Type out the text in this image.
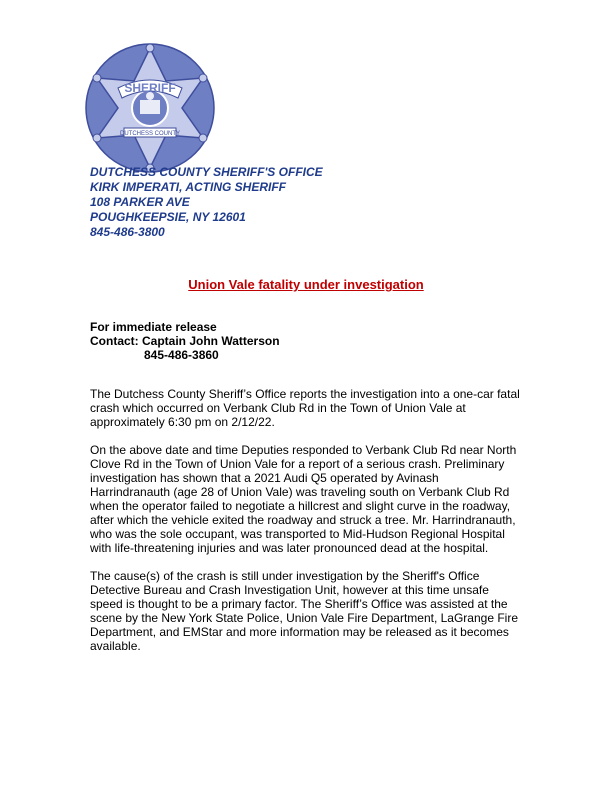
SHERIFF
DUTCHESS COUNTY
DUTCHESS COUNTY SHERIFF'S OFFICE
KIRK IMPERATI, ACTING SHERIFF
108 PARKER AVE
POUGHKEEPSIE, NY 12601
845-486-3800
Union Vale fatality under investigation
For immediate release
Contact: Captain John Watterson
845-486-3860

The Dutchess County Sheriff’s Office reports the investigation into a one-car fatal
crash which occurred on Verbank Club Rd in the Town of Union Vale at
approximately 6:30 pm on 2/12/22.

On the above date and time Deputies responded to Verbank Club Rd near North
Clove Rd in the Town of Union Vale for a report of a serious crash. Preliminary
investigation has shown that a 2021 Audi Q5 operated by Avinash
Harrindranauth (age 28 of Union Vale) was traveling south on Verbank Club Rd
when the operator failed to negotiate a hillcrest and slight curve in the roadway,
after which the vehicle exited the roadway and struck a tree. Mr. Harrindranauth,
who was the sole occupant, was transported to Mid-Hudson Regional Hospital
with life-threatening injuries and was later pronounced dead at the hospital.

The cause(s) of the crash is still under investigation by the Sheriff's Office
Detective Bureau and Crash Investigation Unit, however at this time unsafe
speed is thought to be a primary factor. The Sheriff’s Office was assisted at the
scene by the New York State Police, Union Vale Fire Department, LaGrange Fire
Department, and EMStar and more information may be released as it becomes
available.
